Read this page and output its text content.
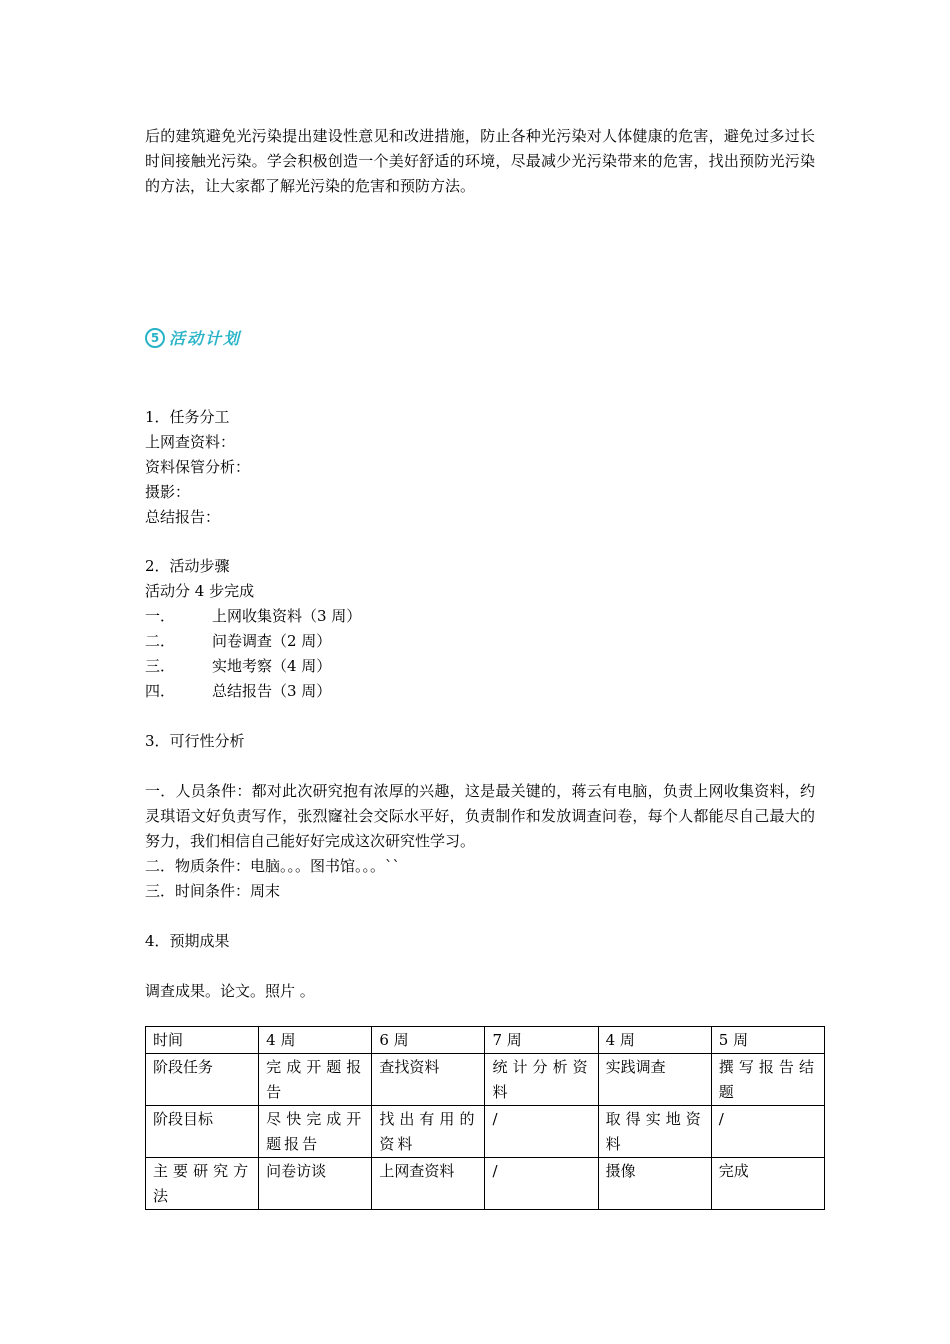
后的建筑避免光污染提出建设性意见和改进措施，防止各种光污染对人体健康的危害，避免过多过长时间接触光污染。学会积极创造一个美好舒适的环境，尽最减少光污染带来的危害，找出预防光污染的方法，让大家都了解光污染的危害和预防方法。
5 活动计划
1．任务分工
上网查资料：
资料保管分析：
摄影：
总结报告：
2．活动步骤
活动分 4 步完成
一． 上网收集资料（3 周）
二． 问卷调查（2 周）
三． 实地考察（4 周）
四． 总结报告（3 周）
3．可行性分析
一．人员条件：都对此次研究抱有浓厚的兴趣，这是最关键的，蒋云有电脑，负责上网收集资料，约灵琪语文好负责写作，张烈窿社会交际水平好，负责制作和发放调查问卷，每个人都能尽自己最大的努力，我们相信自己能好好完成这次研究性学习。
二．物质条件：电脑。。。图书馆。。。``
三．时间条件：周末
4．预期成果
调查成果。论文。照片 。
时间	4 周	6 周	7 周	4 周	5 周
阶段任务	完成开题报告	查找资料	统计分析资料	实践调查	撰写报告结题
阶段目标	尽快完成开题报告	找出有用的资料	/	取得实地资料	/
主要研究方法	问卷访谈	上网查资料	/	摄像	完成
